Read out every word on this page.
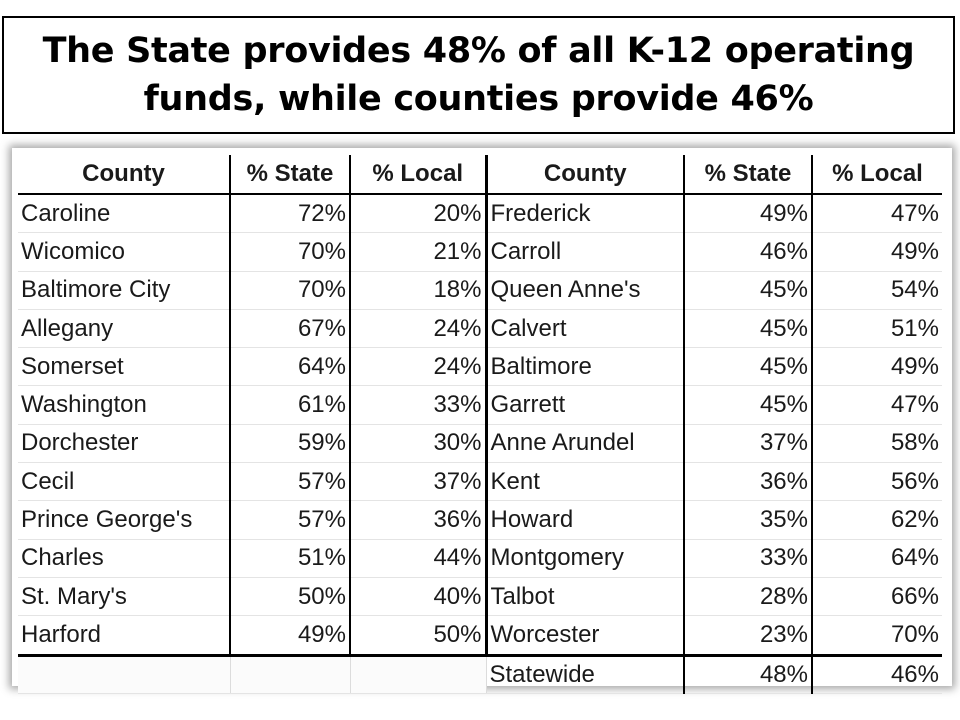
The State provides 48% of all K-12 operating
funds, while counties provide 46%
County	% State	% Local	County	% State	% Local
Caroline	72%	20%	Frederick	49%	47%
Wicomico	70%	21%	Carroll	46%	49%
Baltimore City	70%	18%	Queen Anne's	45%	54%
Allegany	67%	24%	Calvert	45%	51%
Somerset	64%	24%	Baltimore	45%	49%
Washington	61%	33%	Garrett	45%	47%
Dorchester	59%	30%	Anne Arundel	37%	58%
Cecil	57%	37%	Kent	36%	56%
Prince George's	57%	36%	Howard	35%	62%
Charles	51%	44%	Montgomery	33%	64%
St. Mary's	50%	40%	Talbot	28%	66%
Harford	49%	50%	Worcester	23%	70%
			Statewide	48%	46%
